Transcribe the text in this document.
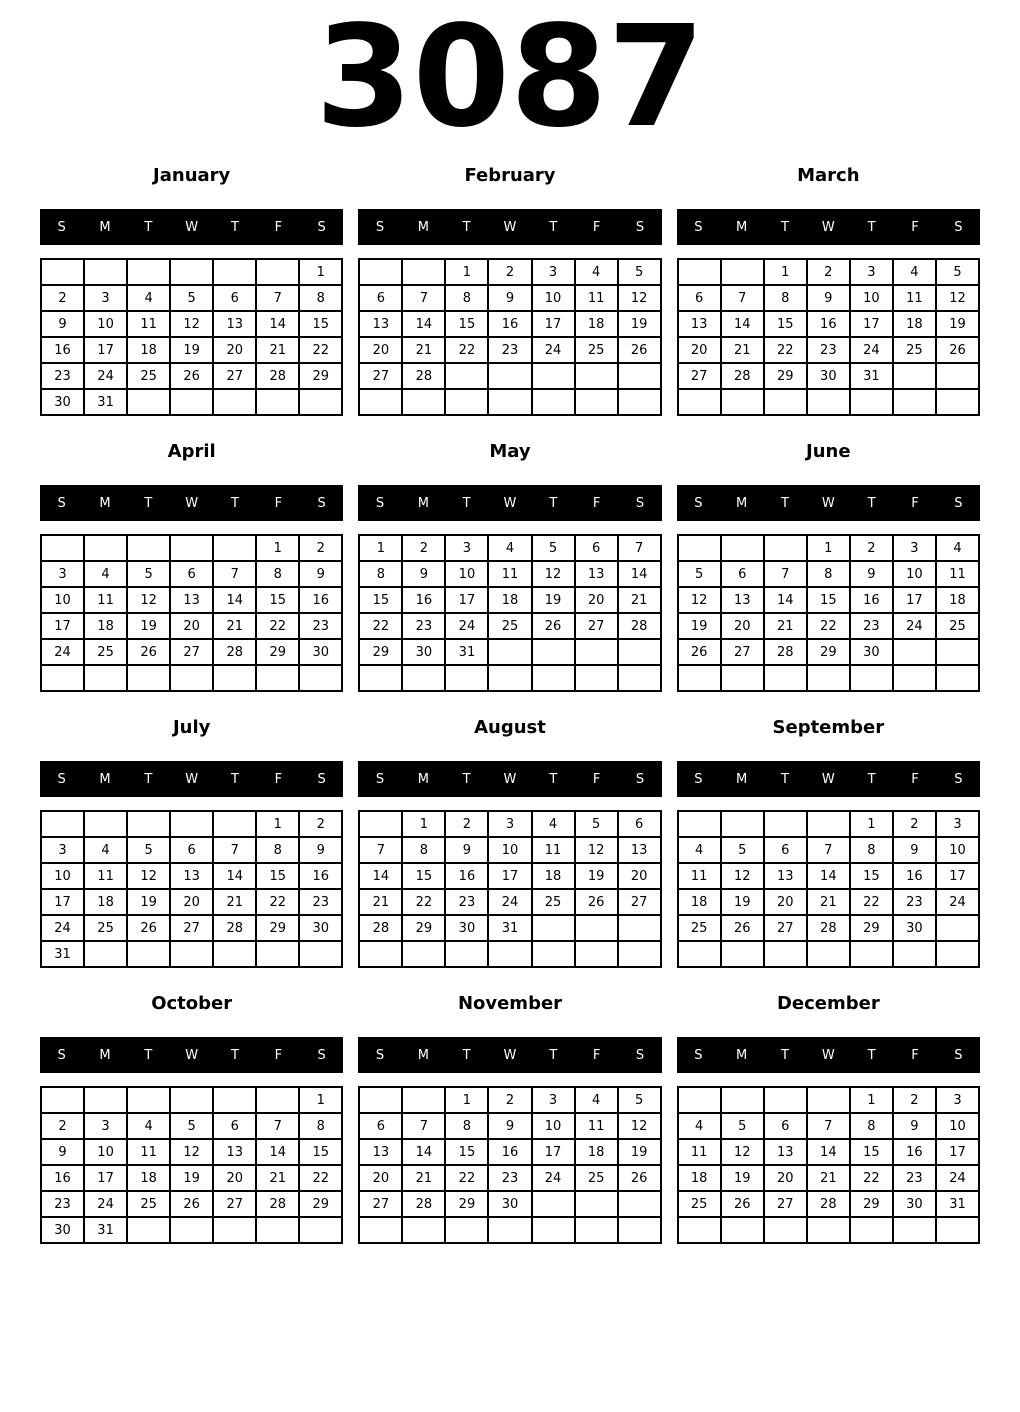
3087
January
S	M	T	W	T	F	S
						1
2	3	4	5	6	7	8
9	10	11	12	13	14	15
16	17	18	19	20	21	22
23	24	25	26	27	28	29
30	31					
February
S	M	T	W	T	F	S
		1	2	3	4	5
6	7	8	9	10	11	12
13	14	15	16	17	18	19
20	21	22	23	24	25	26
27	28					

March
S	M	T	W	T	F	S
		1	2	3	4	5
6	7	8	9	10	11	12
13	14	15	16	17	18	19
20	21	22	23	24	25	26
27	28	29	30	31		

April
S	M	T	W	T	F	S
					1	2
3	4	5	6	7	8	9
10	11	12	13	14	15	16
17	18	19	20	21	22	23
24	25	26	27	28	29	30

May
S	M	T	W	T	F	S
1	2	3	4	5	6	7
8	9	10	11	12	13	14
15	16	17	18	19	20	21
22	23	24	25	26	27	28
29	30	31				

June
S	M	T	W	T	F	S
			1	2	3	4
5	6	7	8	9	10	11
12	13	14	15	16	17	18
19	20	21	22	23	24	25
26	27	28	29	30		

July
S	M	T	W	T	F	S
					1	2
3	4	5	6	7	8	9
10	11	12	13	14	15	16
17	18	19	20	21	22	23
24	25	26	27	28	29	30
31						
August
S	M	T	W	T	F	S
	1	2	3	4	5	6
7	8	9	10	11	12	13
14	15	16	17	18	19	20
21	22	23	24	25	26	27
28	29	30	31			

September
S	M	T	W	T	F	S
				1	2	3
4	5	6	7	8	9	10
11	12	13	14	15	16	17
18	19	20	21	22	23	24
25	26	27	28	29	30	

October
S	M	T	W	T	F	S
						1
2	3	4	5	6	7	8
9	10	11	12	13	14	15
16	17	18	19	20	21	22
23	24	25	26	27	28	29
30	31					
November
S	M	T	W	T	F	S
		1	2	3	4	5
6	7	8	9	10	11	12
13	14	15	16	17	18	19
20	21	22	23	24	25	26
27	28	29	30			

December
S	M	T	W	T	F	S
				1	2	3
4	5	6	7	8	9	10
11	12	13	14	15	16	17
18	19	20	21	22	23	24
25	26	27	28	29	30	31
